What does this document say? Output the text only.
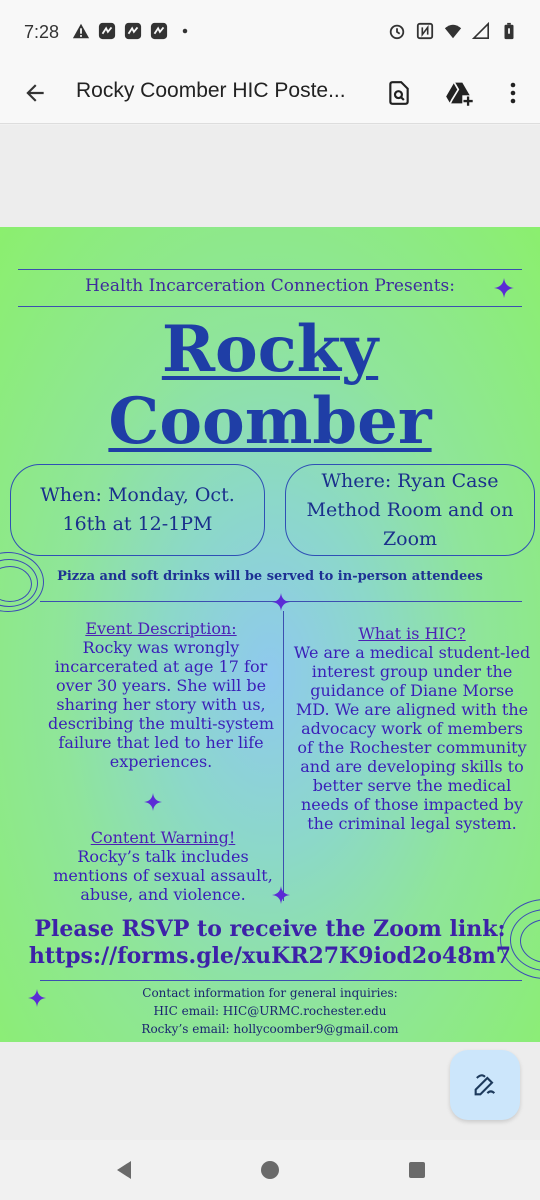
7:28
Rocky Coomber HIC Poste...
Health Incarceration Connection Presents:
Rocky
Coomber
When: Monday, Oct. 16th at 12-1PM
Where: Ryan Case Method Room and on Zoom
Pizza and soft drinks will be served to in-person attendees
Event Description:
Rocky was wrongly incarcerated at age 17 for over 30 years. She will be sharing her story with us, describing the multi-system failure that led to her life experiences.
Content Warning!
Rocky’s talk includes mentions of sexual assault, abuse, and violence.
What is HIC?
We are a medical student-led interest group under the guidance of Diane Morse MD. We are aligned with the advocacy work of members of the Rochester community and are developing skills to better serve the medical needs of those impacted by the criminal legal system.
Please RSVP to receive the Zoom link:
https://forms.gle/xuKR27K9iod2o48m7
Contact information for general inquiries:
HIC email: HIC@URMC.rochester.edu
Rocky’s email: hollycoomber9@gmail.com
